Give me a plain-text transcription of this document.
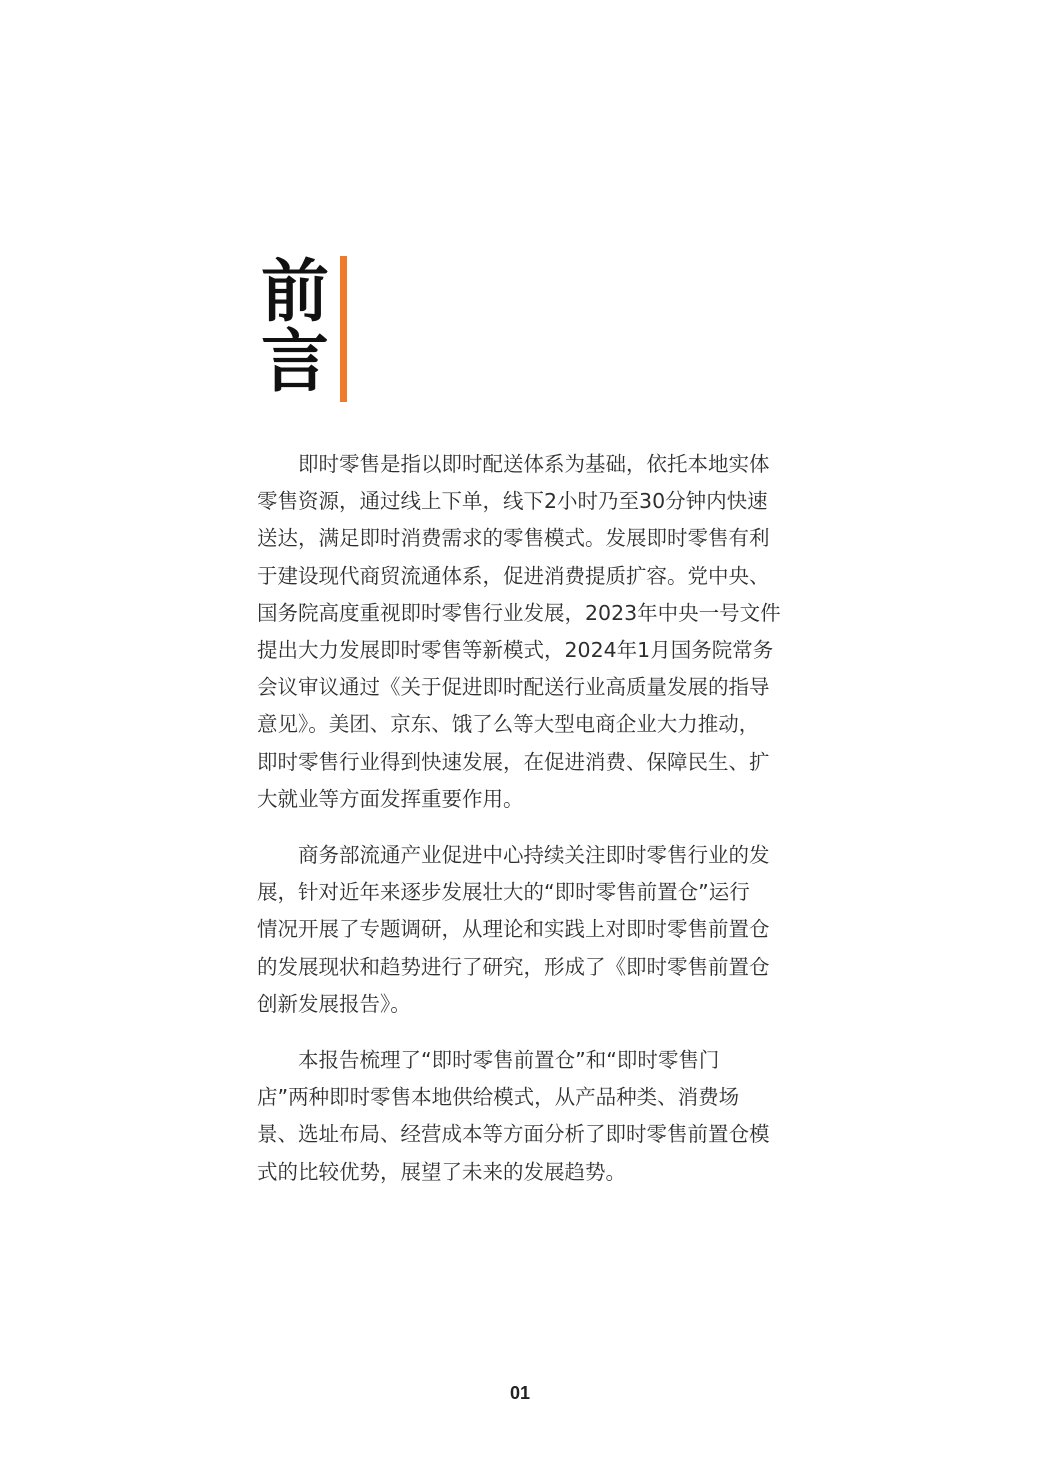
前
言

即时零售是指以即时配送体系为基础，依托本地实体
零售资源，通过线上下单，线下2小时乃至30分钟内快速
送达，满足即时消费需求的零售模式。发展即时零售有利
于建设现代商贸流通体系，促进消费提质扩容。党中央、
国务院高度重视即时零售行业发展，2023年中央一号文件
提出大力发展即时零售等新模式，2024年1月国务院常务
会议审议通过《关于促进即时配送行业高质量发展的指导
意见》。美团、京东、饿了么等大型电商企业大力推动，
即时零售行业得到快速发展，在促进消费、保障民生、扩
大就业等方面发挥重要作用。

商务部流通产业促进中心持续关注即时零售行业的发
展，针对近年来逐步发展壮大的“即时零售前置仓”运行
情况开展了专题调研，从理论和实践上对即时零售前置仓
的发展现状和趋势进行了研究，形成了《即时零售前置仓
创新发展报告》。

本报告梳理了“即时零售前置仓”和“即时零售门
店”两种即时零售本地供给模式，从产品种类、消费场
景、选址布局、经营成本等方面分析了即时零售前置仓模
式的比较优势，展望了未来的发展趋势。

01
